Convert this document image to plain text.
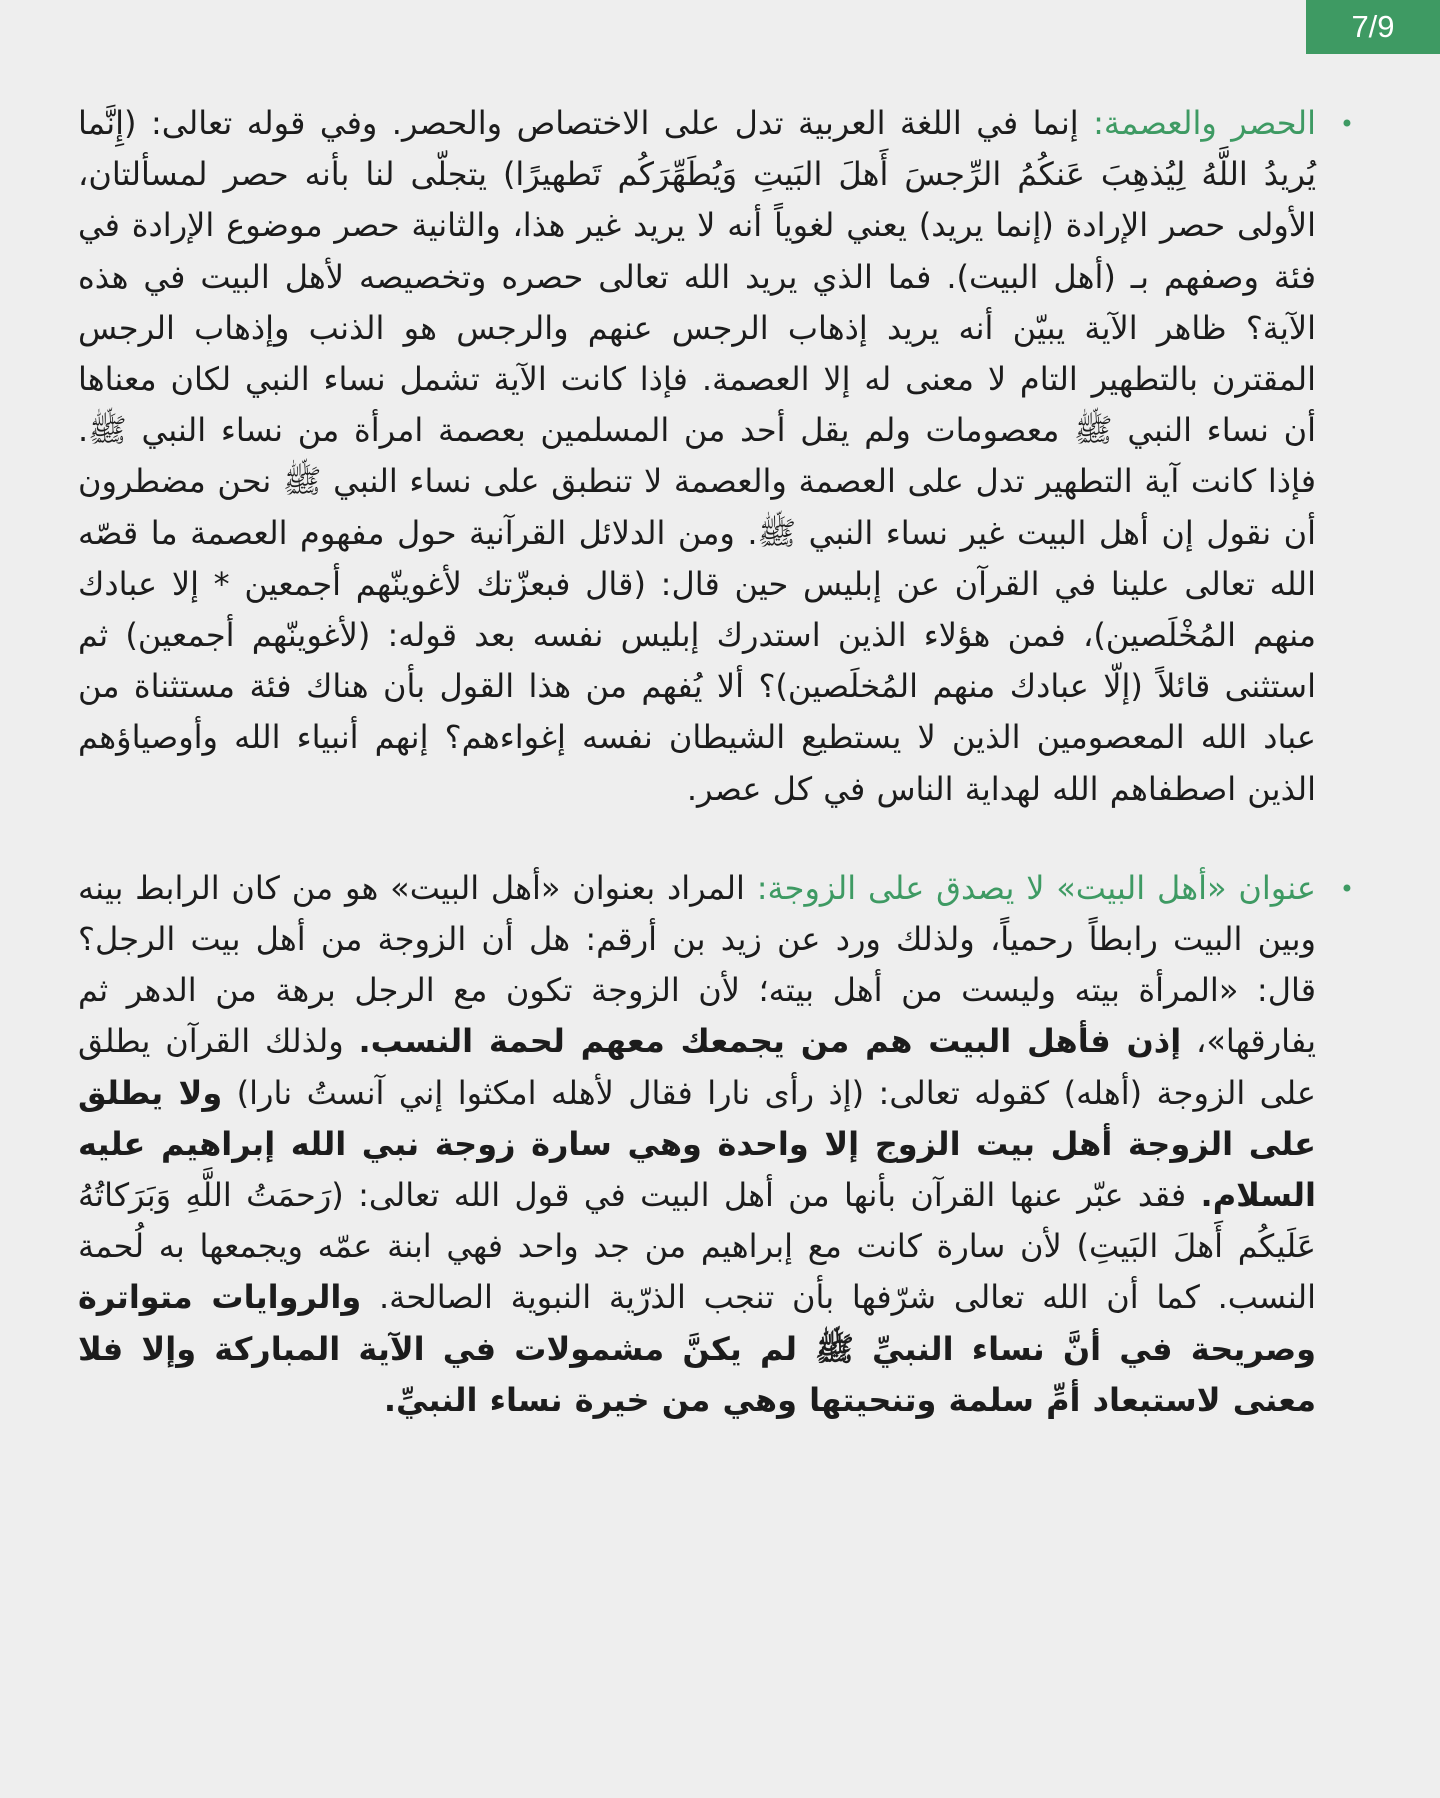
7/9
•

الحصر والعصمة: إنما في اللغة العربية تدل على الاختصاص والحصر. وفي قوله تعالى: (إِنَّما يُريدُ اللَّهُ لِيُذهِبَ عَنكُمُ الرِّجسَ أَهلَ البَيتِ وَيُطَهِّرَكُم تَطهيرًا) يتجلّى لنا بأنه حصر لمسألتان، الأولى حصر الإرادة (إنما يريد) يعني لغوياً أنه لا يريد غير هذا، والثانية حصر موضوع الإرادة في فئة وصفهم بـ (أهل البيت). فما الذي يريد الله تعالى حصره وتخصيصه لأهل البيت في هذه الآية؟ ظاهر الآية يبيّن أنه يريد إذهاب الرجس عنهم والرجس هو الذنب وإذهاب الرجس المقترن بالتطهير التام لا معنى له إلا العصمة. فإذا كانت الآية تشمل نساء النبي لكان معناها أن نساء النبي ﷺ معصومات ولم يقل أحد من المسلمين بعصمة امرأة من نساء النبي ﷺ. فإذا كانت آية التطهير تدل على العصمة والعصمة لا تنطبق على نساء النبي ﷺ نحن مضطرون أن نقول إن أهل البيت غير نساء النبي ﷺ. ومن الدلائل القرآنية حول مفهوم العصمة ما قصّه الله تعالى علينا في القرآن عن إبليس حين قال: (قال فبعزّتك لأغوينّهم أجمعين * إلا عبادك منهم المُخْلَصين)، فمن هؤلاء الذين استدرك إبليس نفسه بعد قوله: (لأغوينّهم أجمعين) ثم استثنى قائلاً (إلّا عبادك منهم المُخلَصين)؟ ألا يُفهم من هذا القول بأن هناك فئة مستثناة من عباد الله المعصومين الذين لا يستطيع الشيطان نفسه إغواءهم؟ إنهم أنبياء الله وأوصياؤهم الذين اصطفاهم الله لهداية الناس في كل عصر.

•

عنوان «أهل البيت» لا يصدق على الزوجة: المراد بعنوان «أهل البيت» هو من كان الرابط بينه وبين البيت رابطاً رحمياً، ولذلك ورد عن زيد بن أرقم: هل أن الزوجة من أهل بيت الرجل؟ قال: «المرأة بيته وليست من أهل بيته؛ لأن الزوجة تكون مع الرجل برهة من الدهر ثم يفارقها»، إذن فأهل البيت هم من يجمعك معهم لحمة النسب. ولذلك القرآن يطلق على الزوجة (أهله) كقوله تعالى: (إذ رأى نارا فقال لأهله امكثوا إني آنستُ نارا) ولا يطلق على الزوجة أهل بيت الزوج إلا واحدة وهي سارة زوجة نبي الله إبراهيم عليه السلام. فقد عبّر عنها القرآن بأنها من أهل البيت في قول الله تعالى: (رَحمَتُ اللَّهِ وَبَرَكاتُهُ عَلَيكُم أَهلَ البَيتِ) لأن سارة كانت مع إبراهيم من جد واحد فهي ابنة عمّه ويجمعها به لُحمة النسب. كما أن الله تعالى شرّفها بأن تنجب الذرّية النبوية الصالحة. والروايات متواترة وصريحة في أنَّ نساء النبيِّ ﷺ لم يكنَّ مشمولات في الآية المباركة وإلا فلا معنى لاستبعاد أمِّ سلمة وتنحيتها وهي من خيرة نساء النبيِّ.
